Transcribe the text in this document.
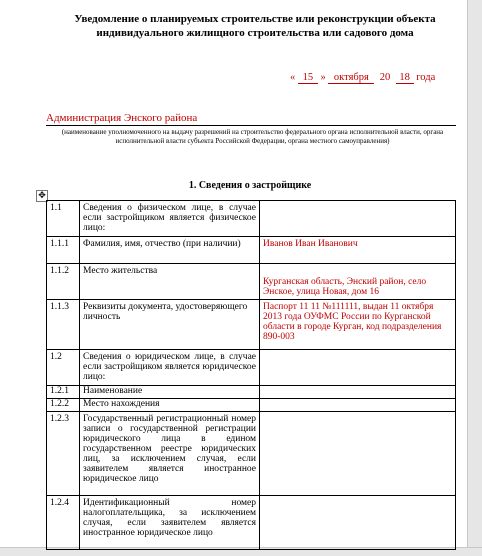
Уведомление о планируемых строительстве или реконструкции объекта
индивидуального жилищного строительства или садового дома
« 15 » октября 20 18 года
Администрация Энского района
(наименование уполномоченного на выдачу разрешений на строительство федерального органа исполнительной власти, органа исполнительной власти субъекта Российской Федерации, органа местного самоуправления)
1. Сведения о застройщике
✥
1.1	Сведения о физическом лице, в случае если застройщиком является физическое лицо:	
1.1.1	Фамилия, имя, отчество (при наличии)	Иванов Иван Иванович
1.1.2	Место жительства	Курганская область, Энский район, село Энское, улица Новая, дом 16
1.1.3	Реквизиты документа, удостоверяющего личность	Паспорт 11 11 №111111, выдан 11 октября 2013 года ОУФМС России по Курганской области в городе Курган, код подразделения 890-003
1.2	Сведения о юридическом лице, в случае если застройщиком является юридическое лицо:	
1.2.1	Наименование	
1.2.2	Место нахождения	
1.2.3	Государственный регистрационный номер записи о государственной регистрации юридического лица в едином государственном реестре юридических лиц, за исключением случая, если заявителем является иностранное юридическое лицо	
1.2.4	Идентификационный номер налогоплательщика, за исключением случая, если заявителем является иностранное юридическое лицо	
